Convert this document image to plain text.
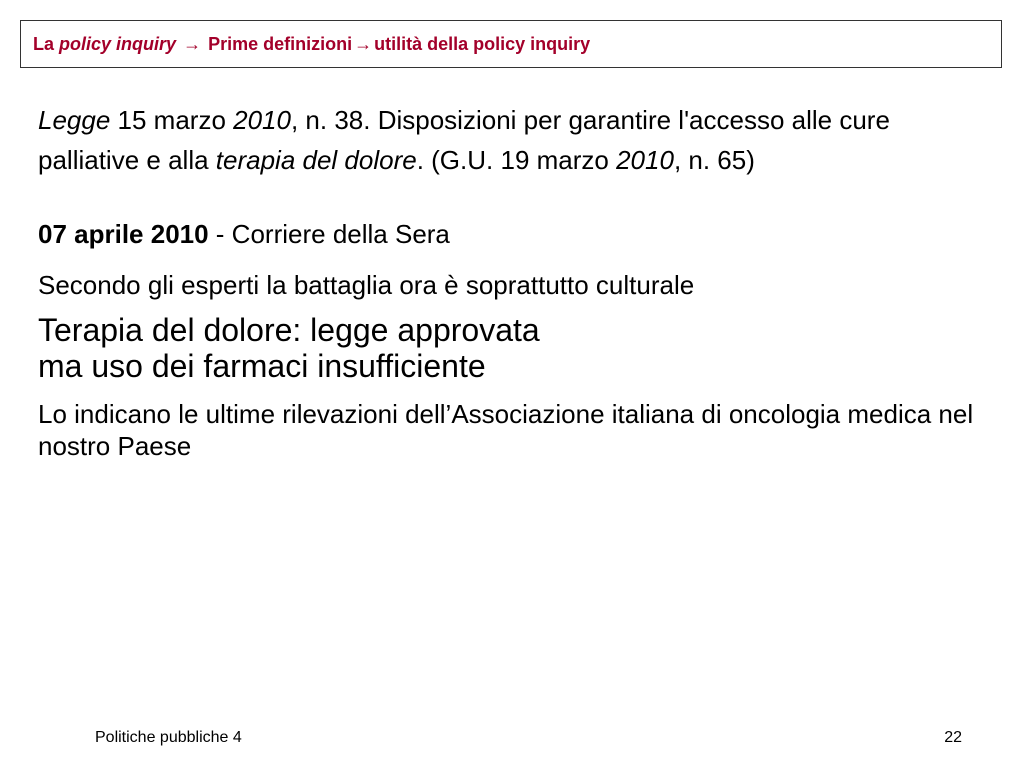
La
policy inquiry
→
Prime definizioni → utilità della policy inquiry

Legge 15 marzo 2010, n. 38. Disposizioni per garantire l'accesso alle cure palliative e alla terapia del dolore. (G.U. 19 marzo 2010, n. 65)

07 aprile 2010 - Corriere della Sera

Secondo gli esperti la battaglia ora è soprattutto culturale

Terapia del dolore: legge approvata
ma uso dei farmaci insufficiente

Lo indicano le ultime rilevazioni dell’Associazione italiana di oncologia medica nel nostro Paese

Politiche pubbliche 4	22
